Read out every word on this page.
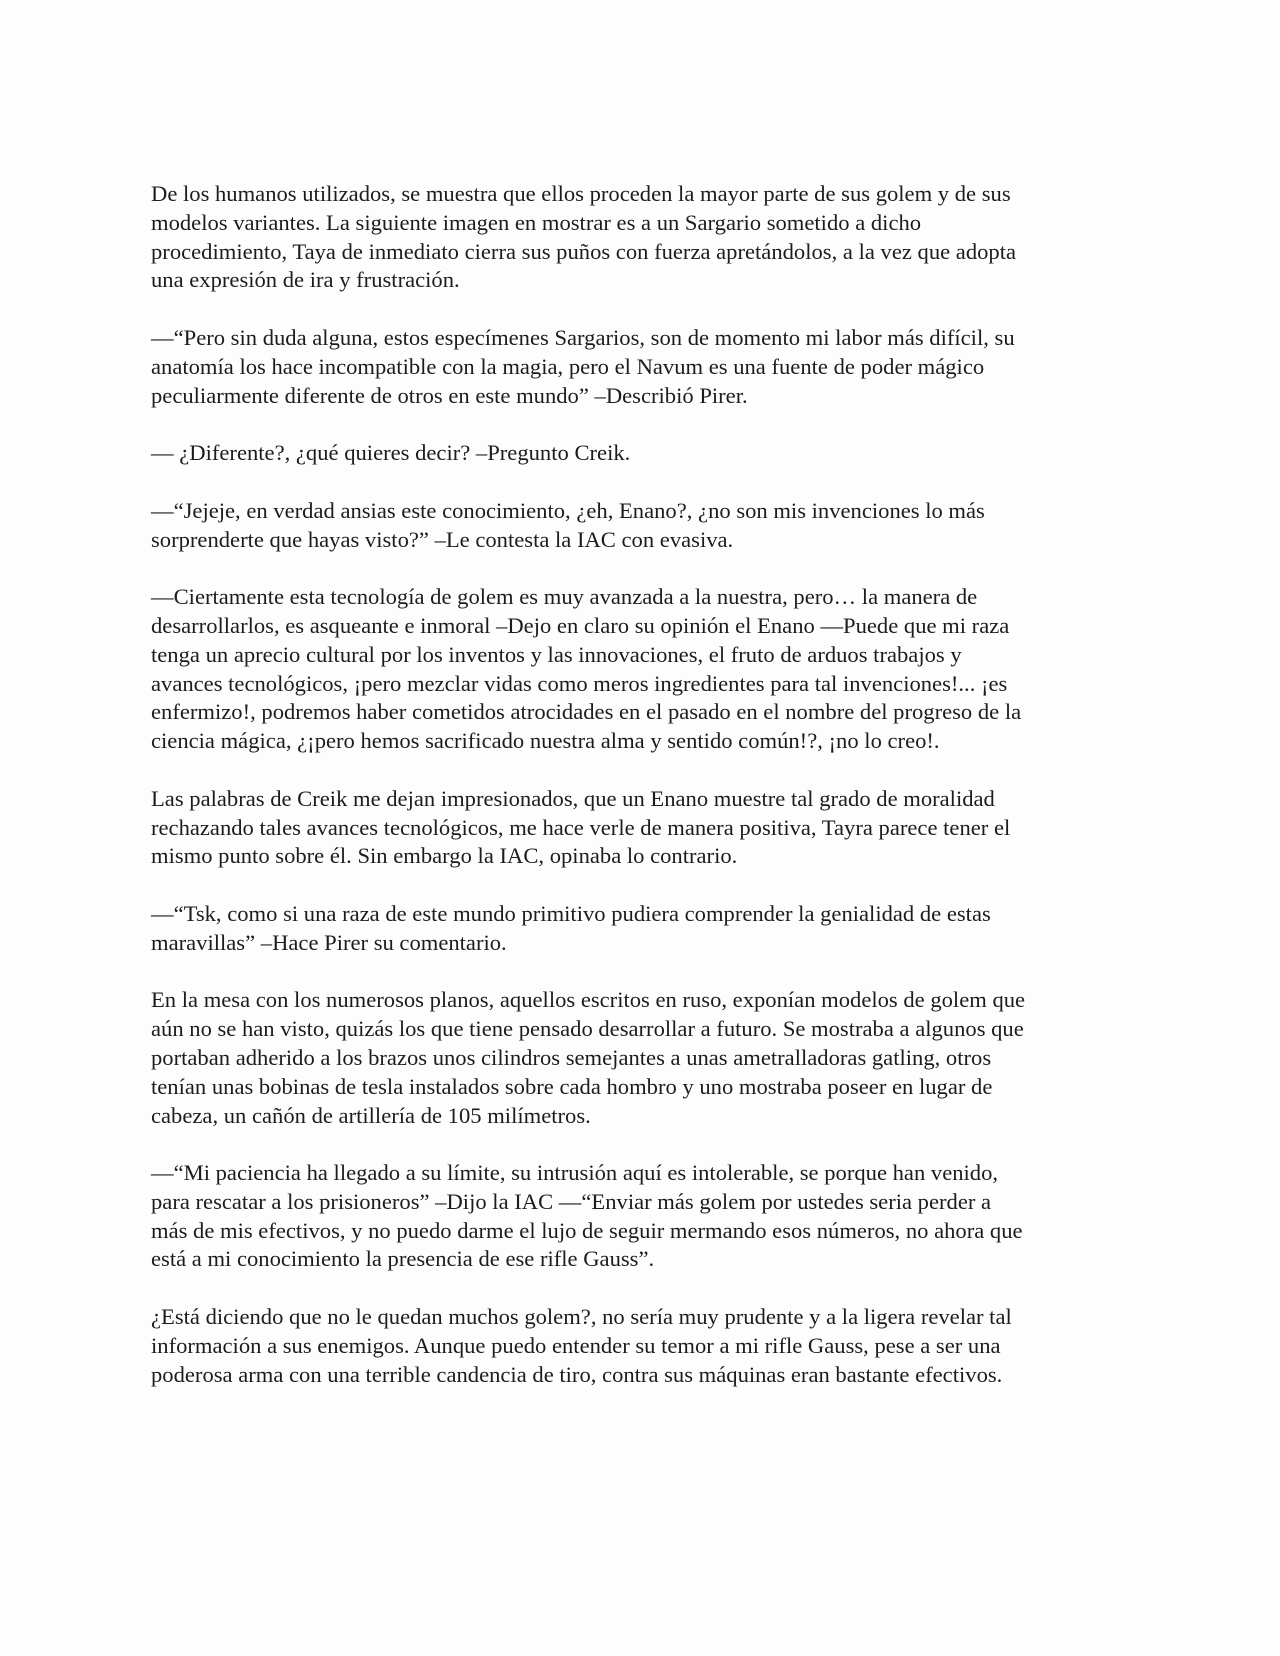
De los humanos utilizados, se muestra que ellos proceden la mayor parte de sus golem y de sus
modelos variantes. La siguiente imagen en mostrar es a un Sargario sometido a dicho
procedimiento, Taya de inmediato cierra sus puños con fuerza apretándolos, a la vez que adopta
una expresión de ira y frustración.

—“Pero sin duda alguna, estos especímenes Sargarios, son de momento mi labor más difícil, su
anatomía los hace incompatible con la magia, pero el Navum es una fuente de poder mágico
peculiarmente diferente de otros en este mundo” –Describió Pirer.

— ¿Diferente?, ¿qué quieres decir? –Pregunto Creik.

—“Jejeje, en verdad ansias este conocimiento, ¿eh, Enano?, ¿no son mis invenciones lo más
sorprenderte que hayas visto?” –Le contesta la IAC con evasiva.

—Ciertamente esta tecnología de golem es muy avanzada a la nuestra, pero… la manera de
desarrollarlos, es asqueante e inmoral –Dejo en claro su opinión el Enano —Puede que mi raza
tenga un aprecio cultural por los inventos y las innovaciones, el fruto de arduos trabajos y
avances tecnológicos, ¡pero mezclar vidas como meros ingredientes para tal invenciones!... ¡es
enfermizo!, podremos haber cometidos atrocidades en el pasado en el nombre del progreso de la
ciencia mágica, ¿¡pero hemos sacrificado nuestra alma y sentido común!?, ¡no lo creo!.

Las palabras de Creik me dejan impresionados, que un Enano muestre tal grado de moralidad
rechazando tales avances tecnológicos, me hace verle de manera positiva, Tayra parece tener el
mismo punto sobre él. Sin embargo la IAC, opinaba lo contrario.

—“Tsk, como si una raza de este mundo primitivo pudiera comprender la genialidad de estas
maravillas” –Hace Pirer su comentario.

En la mesa con los numerosos planos, aquellos escritos en ruso, exponían modelos de golem que
aún no se han visto, quizás los que tiene pensado desarrollar a futuro. Se mostraba a algunos que
portaban adherido a los brazos unos cilindros semejantes a unas ametralladoras gatling, otros
tenían unas bobinas de tesla instalados sobre cada hombro y uno mostraba poseer en lugar de
cabeza, un cañón de artillería de 105 milímetros.

—“Mi paciencia ha llegado a su límite, su intrusión aquí es intolerable, se porque han venido,
para rescatar a los prisioneros” –Dijo la IAC —“Enviar más golem por ustedes seria perder a
más de mis efectivos, y no puedo darme el lujo de seguir mermando esos números, no ahora que
está a mi conocimiento la presencia de ese rifle Gauss”.

¿Está diciendo que no le quedan muchos golem?, no sería muy prudente y a la ligera revelar tal
información a sus enemigos. Aunque puedo entender su temor a mi rifle Gauss, pese a ser una
poderosa arma con una terrible candencia de tiro, contra sus máquinas eran bastante efectivos.
